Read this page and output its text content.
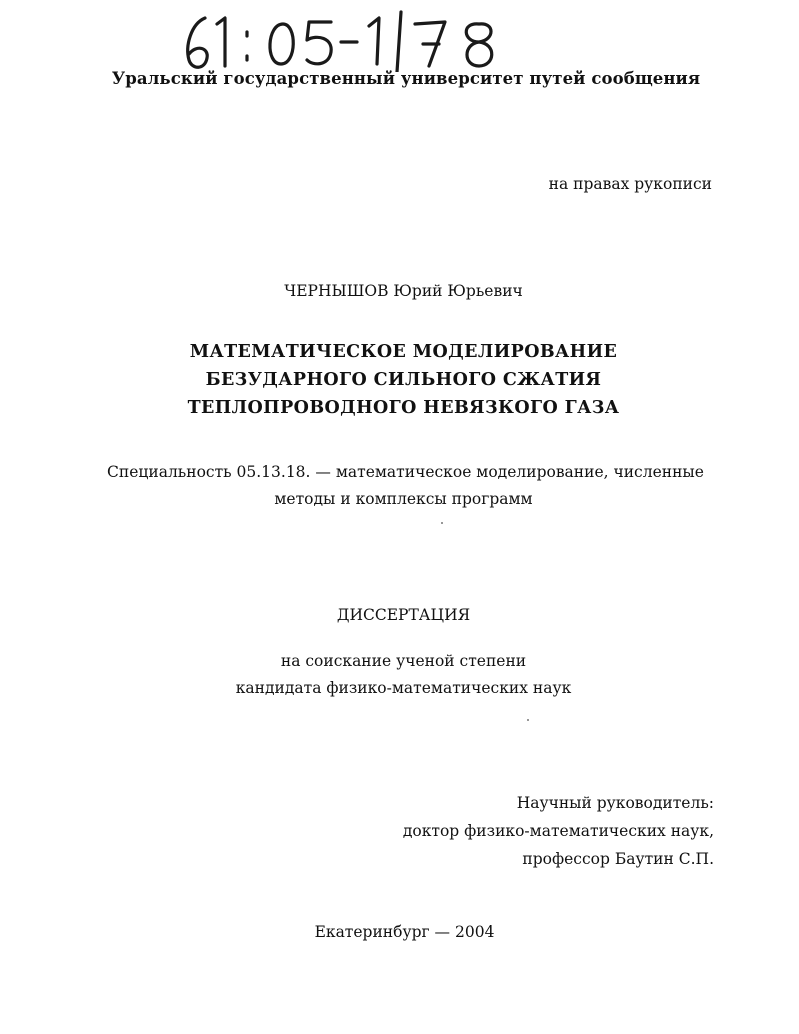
Уральский государственный университет путей сообщения
на правах рукописи
ЧЕРНЫШОВ Юрий Юрьевич
МАТЕМАТИЧЕСКОЕ МОДЕЛИРОВАНИЕ
БЕЗУДАРНОГО СИЛЬНОГО СЖАТИЯ
ТЕПЛОПРОВОДНОГО НЕВЯЗКОГО ГАЗА
Специальность 05.13.18. — математическое моделирование, численные
методы и комплексы программ
ДИССЕРТАЦИЯ
на соискание ученой степени
кандидата физико-математических наук
Научный руководитель:
доктор физико-математических наук,
профессор Баутин С.П.
Екатеринбург — 2004
